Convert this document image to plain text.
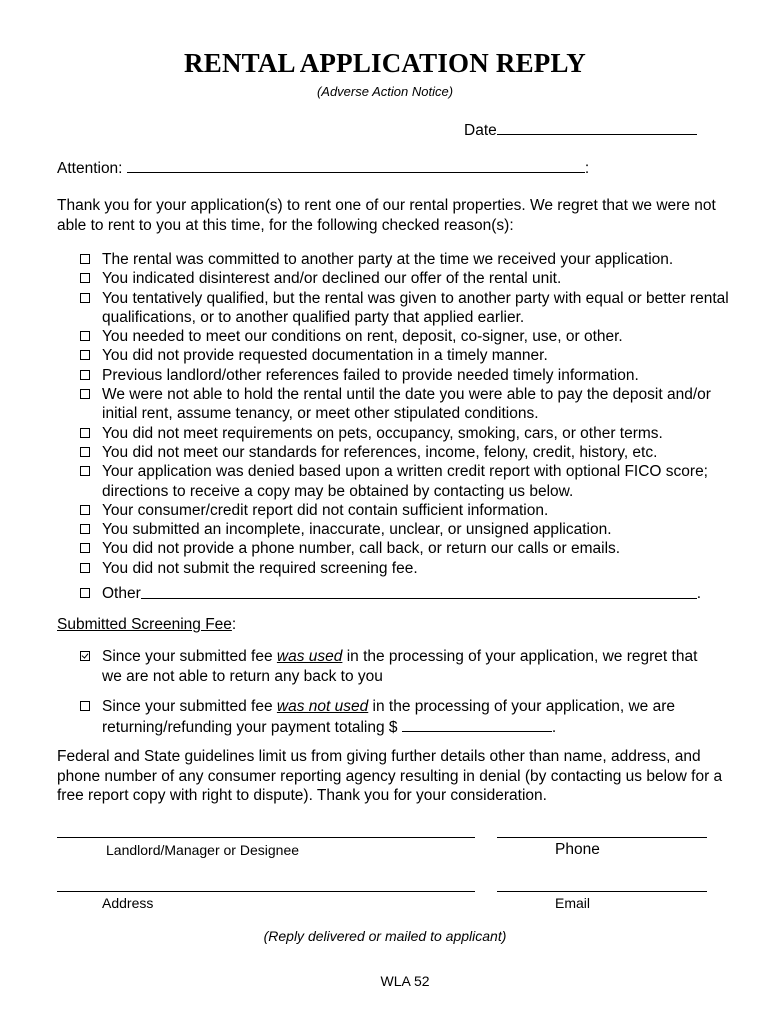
RENTAL APPLICATION REPLY
(Adverse Action Notice)
Date
Attention:	:
Thank you for your application(s) to rent one of our rental properties. We regret that we were not able to rent to you at this time, for the following checked reason(s):
The rental was committed to another party at the time we received your application.
You indicated disinterest and/or declined our offer of the rental unit.
You tentatively qualified, but the rental was given to another party with equal or better rental qualifications, or to another qualified party that applied earlier.
You needed to meet our conditions on rent, deposit, co-signer, use, or other.
You did not provide requested documentation in a timely manner.
Previous landlord/other references failed to provide needed timely information.
We were not able to hold the rental until the date you were able to pay the deposit and/or initial rent, assume tenancy, or meet other stipulated conditions.
You did not meet requirements on pets, occupancy, smoking, cars, or other terms.
You did not meet our standards for references, income, felony, credit, history, etc.
Your application was denied based upon a written credit report with optional FICO score; directions to receive a copy may be obtained by contacting us below.
Your consumer/credit report did not contain sufficient information.
You submitted an incomplete, inaccurate, unclear, or unsigned application.
You did not provide a phone number, call back, or return our calls or emails.
You did not submit the required screening fee.
Other	.
Submitted Screening Fee:
Since your submitted fee was used in the processing of your application, we regret that we are not able to return any back to you
Since your submitted fee was not used in the processing of your application, we are returning/refunding your payment totaling $	.
Federal and State guidelines limit us from giving further details other than name, address, and phone number of any consumer reporting agency resulting in denial (by contacting us below for a free report copy with right to dispute). Thank you for your consideration.
Landlord/Manager or Designee	Phone
Address	Email
(Reply delivered or mailed to applicant)
WLA 52
